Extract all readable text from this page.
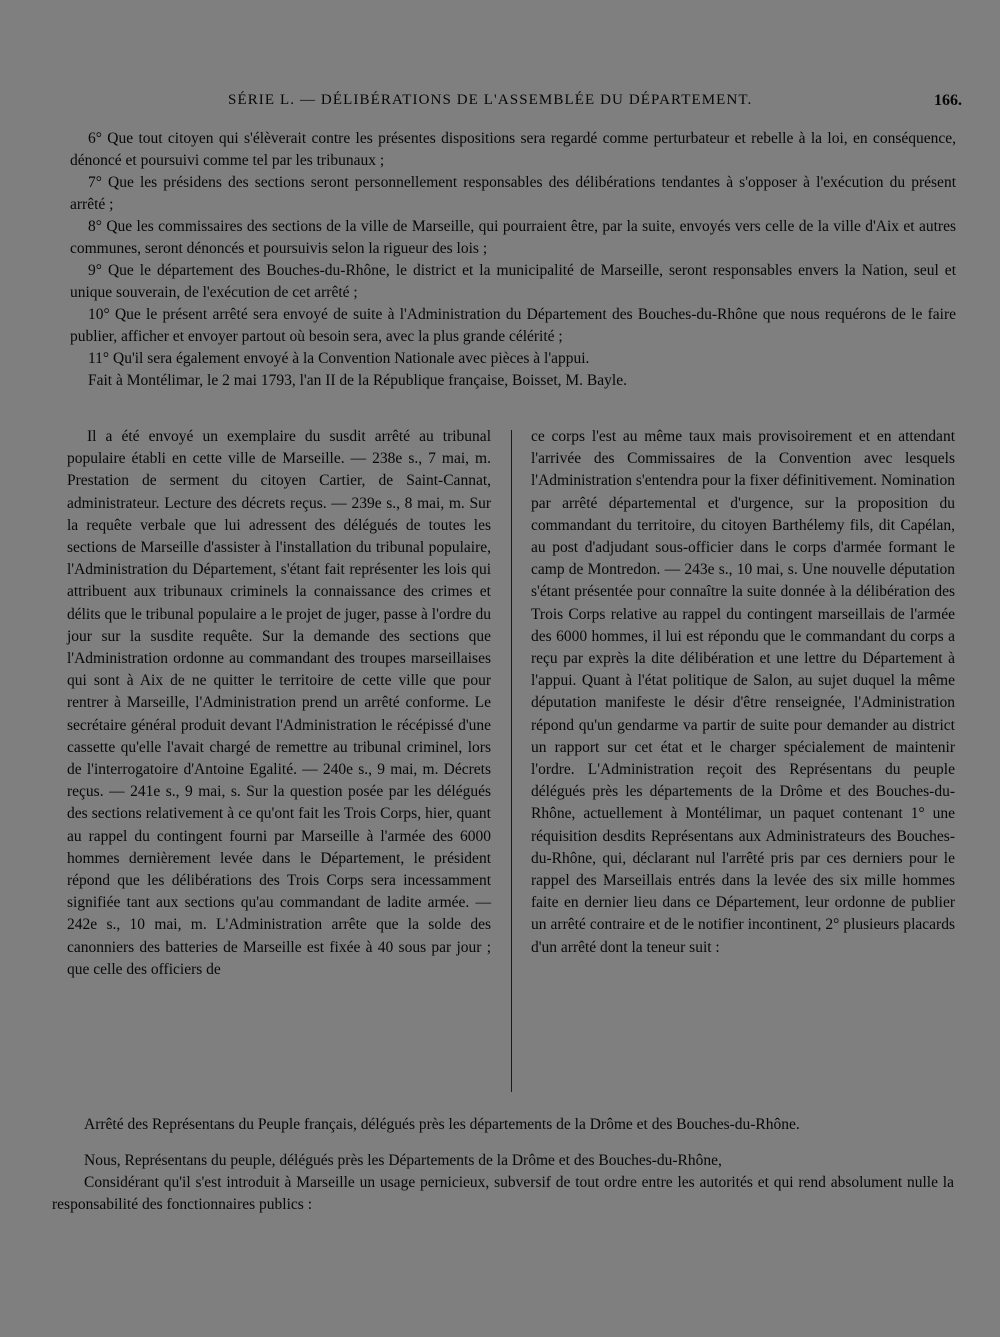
SÉRIE L. — DÉLIBÉRATIONS DE L'ASSEMBLÉE DU DÉPARTEMENT.	166.

6° Que tout citoyen qui s'élèverait contre les présentes dispositions sera regardé comme perturbateur et rebelle à la loi, en conséquence, dénoncé et poursuivi comme tel par les tribunaux ;

7° Que les présidens des sections seront personnellement responsables des délibérations tendantes à s'opposer à l'exécution du présent arrêté ;

8° Que les commissaires des sections de la ville de Marseille, qui pourraient être, par la suite, envoyés vers celle de la ville d'Aix et autres communes, seront dénoncés et poursuivis selon la rigueur des lois ;

9° Que le département des Bouches-du-Rhône, le district et la municipalité de Marseille, seront responsables envers la Nation, seul et unique souverain, de l'exécution de cet arrêté ;

10° Que le présent arrêté sera envoyé de suite à l'Administration du Département des Bouches-du-Rhône que nous requérons de le faire publier, afficher et envoyer partout où besoin sera, avec la plus grande célérité ;

11° Qu'il sera également envoyé à la Convention Nationale avec pièces à l'appui.

Fait à Montélimar, le 2 mai 1793, l'an II de la République française, Boisset, M. Bayle.

Il a été envoyé un exemplaire du susdit arrêté au tribunal populaire établi en cette ville de Marseille. — 238e s., 7 mai, m. Prestation de serment du citoyen Cartier, de Saint-Cannat, administrateur. Lecture des décrets reçus. — 239e s., 8 mai, m. Sur la requête verbale que lui adressent des délégués de toutes les sections de Marseille d'assister à l'installation du tribunal populaire, l'Administration du Département, s'étant fait représenter les lois qui attribuent aux tribunaux criminels la connaissance des crimes et délits que le tribunal populaire a le projet de juger, passe à l'ordre du jour sur la susdite requête. Sur la demande des sections que l'Administration ordonne au commandant des troupes marseillaises qui sont à Aix de ne quitter le territoire de cette ville que pour rentrer à Marseille, l'Administration prend un arrêté conforme. Le secrétaire général produit devant l'Administration le récépissé d'une cassette qu'elle l'avait chargé de remettre au tribunal criminel, lors de l'interrogatoire d'Antoine Egalité. — 240e s., 9 mai, m. Décrets reçus. — 241e s., 9 mai, s. Sur la question posée par les délégués des sections relativement à ce qu'ont fait les Trois Corps, hier, quant au rappel du contingent fourni par Marseille à l'armée des 6000 hommes dernièrement levée dans le Département, le président répond que les délibérations des Trois Corps sera incessamment signifiée tant aux sections qu'au commandant de ladite armée. — 242e s., 10 mai, m. L'Administration arrête que la solde des canonniers des batteries de Marseille est fixée à 40 sous par jour ; que celle des officiers de

ce corps l'est au même taux mais provisoirement et en attendant l'arrivée des Commissaires de la Convention avec lesquels l'Administration s'entendra pour la fixer définitivement. Nomination par arrêté départemental et d'urgence, sur la proposition du commandant du territoire, du citoyen Barthélemy fils, dit Capélan, au post d'adjudant sous-officier dans le corps d'armée formant le camp de Montredon. — 243e s., 10 mai, s. Une nouvelle députation s'étant présentée pour connaître la suite donnée à la délibération des Trois Corps relative au rappel du contingent marseillais de l'armée des 6000 hommes, il lui est répondu que le commandant du corps a reçu par exprès la dite délibération et une lettre du Département à l'appui. Quant à l'état politique de Salon, au sujet duquel la même députation manifeste le désir d'être renseignée, l'Administration répond qu'un gendarme va partir de suite pour demander au district un rapport sur cet état et le charger spécialement de maintenir l'ordre. L'Administration reçoit des Représentans du peuple délégués près les départements de la Drôme et des Bouches-du-Rhône, actuellement à Montélimar, un paquet contenant 1° une réquisition desdits Représentans aux Administrateurs des Bouches-du-Rhône, qui, déclarant nul l'arrêté pris par ces derniers pour le rappel des Marseillais entrés dans la levée des six mille hommes faite en dernier lieu dans ce Département, leur ordonne de publier un arrêté contraire et de le notifier incontinent, 2° plusieurs placards d'un arrêté dont la teneur suit :

Arrêté des Représentans du Peuple français, délégués près les départements de la Drôme et des Bouches-du-Rhône.

Nous, Représentans du peuple, délégués près les Départements de la Drôme et des Bouches-du-Rhône,

Considérant qu'il s'est introduit à Marseille un usage pernicieux, subversif de tout ordre entre les autorités et qui rend absolument nulle la responsabilité des fonctionnaires publics :
